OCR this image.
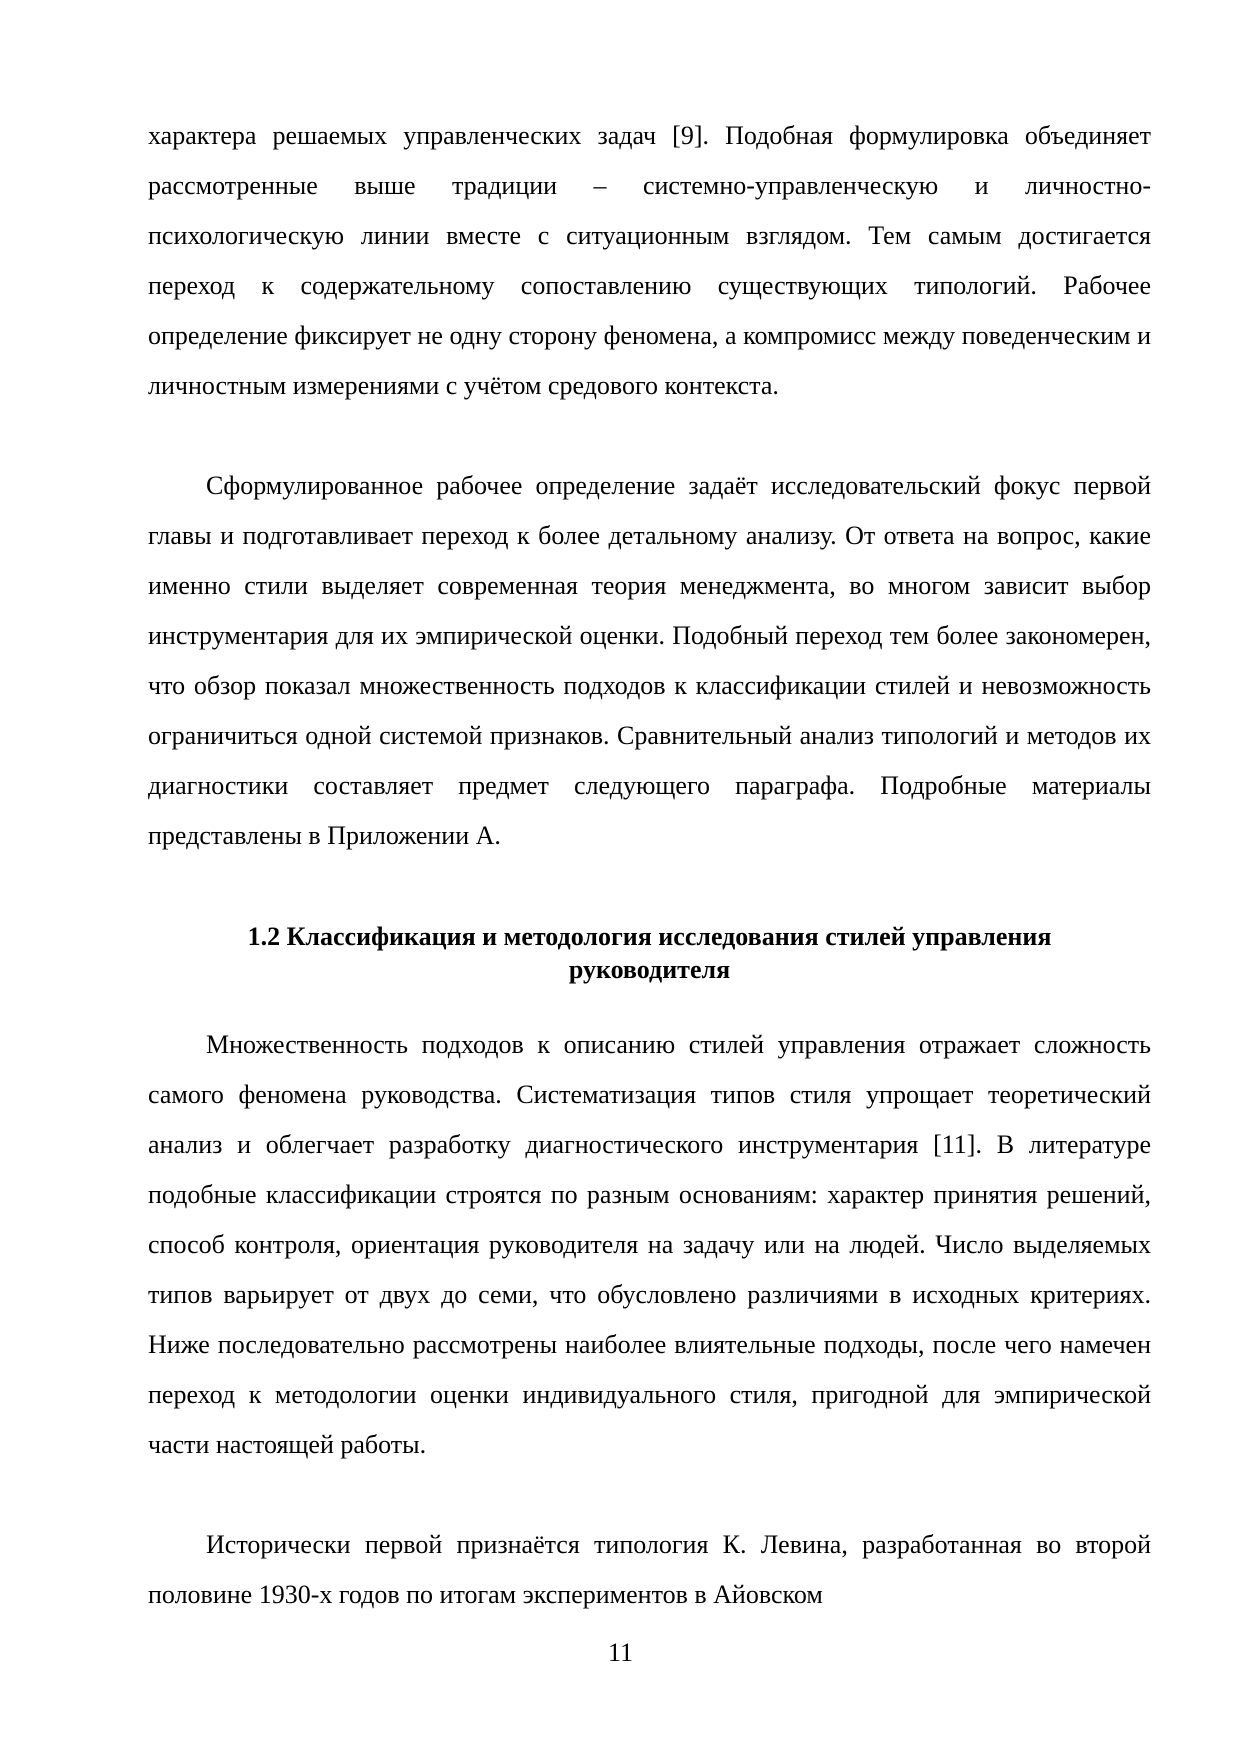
характера решаемых управленческих задач [9]. Подобная формулировка объединяет рассмотренные выше традиции – системно-управленческую и личностно-психологическую линии вместе с ситуационным взглядом. Тем самым достигается переход к содержательному сопоставлению существующих типологий. Рабочее определение фиксирует не одну сторону феномена, а компромисс между поведенческим и личностным измерениями с учётом средового контекста.

Сформулированное рабочее определение задаёт исследовательский фокус первой главы и подготавливает переход к более детальному анализу. От ответа на вопрос, какие именно стили выделяет современная теория менеджмента, во многом зависит выбор инструментария для их эмпирической оценки. Подобный переход тем более закономерен, что обзор показал множественность подходов к классификации стилей и невозможность ограничиться одной системой признаков. Сравнительный анализ типологий и методов их диагностики составляет предмет следующего параграфа. Подробные материалы представлены в Приложении А.

1.2 Классификация и методология исследования стилей управления
руководителя

Множественность подходов к описанию стилей управления отражает сложность самого феномена руководства. Систематизация типов стиля упрощает теоретический анализ и облегчает разработку диагностического инструментария [11]. В литературе подобные классификации строятся по разным основаниям: характер принятия решений, способ контроля, ориентация руководителя на задачу или на людей. Число выделяемых типов варьирует от двух до семи, что обусловлено различиями в исходных критериях. Ниже последовательно рассмотрены наиболее влиятельные подходы, после чего намечен переход к методологии оценки индивидуального стиля, пригодной для эмпирической части настоящей работы.

Исторически первой признаётся типология К. Левина, разработанная во второй половине 1930-х годов по итогам экспериментов в Айовском

11
